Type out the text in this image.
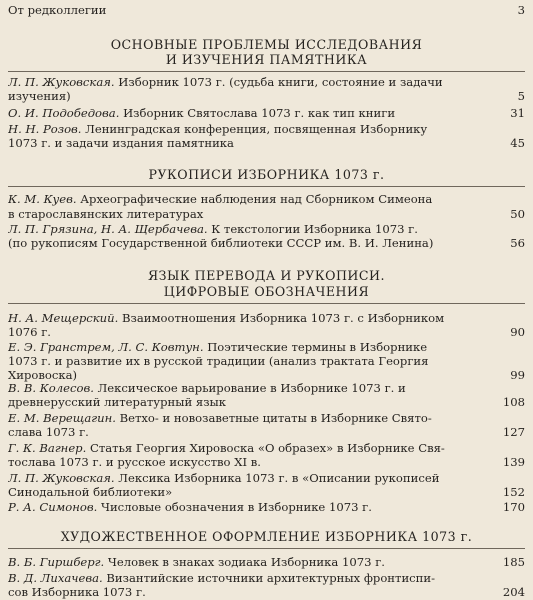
От редколлегии	3
ОСНОВНЫЕ ПРОБЛЕМЫ ИССЛЕДОВАНИЯ
И ИЗУЧЕНИЯ ПАМЯТНИКА
Л. П. Жуковская. Изборник 1073 г. (судьба книги, состояние и задачи
изучения)	5
О. И. Подобедова. Изборник Святослава 1073 г. как тип книги	31
Н. Н. Розов. Ленинградская конференция, посвященная Изборнику
1073 г. и задачи издания памятника	45
РУКОПИСИ ИЗБОРНИКА 1073 г.
К. М. Куев. Археографические наблюдения над Сборником Симеона
в старославянских литературах	50
Л. П. Грязина, Н. А. Щербачева. К текстологии Изборника 1073 г.
(по рукописям Государственной библиотеки СССР им. В. И. Ленина)	56
ЯЗЫК ПЕРЕВОДА И РУКОПИСИ.
ЦИФРОВЫЕ ОБОЗНАЧЕНИЯ
Н. А. Мещерский. Взаимоотношения Изборника 1073 г. с Изборником
1076 г.	90
Е. Э. Гранстрем, Л. С. Ковтун. Поэтические термины в Изборнике
1073 г. и развитие их в русской традиции (анализ трактата Георгия
Хировоска)	99
В. В. Колесов. Лексическое варьирование в Изборнике 1073 г. и
древнерусский литературный язык	108
Е. М. Верещагин. Ветхо- и новозаветные цитаты в Изборнике Свято-
слава 1073 г.	127
Г. К. Вагнер. Статья Георгия Хировоска «О образех» в Изборнике Свя-
тослава 1073 г. и русское искусство XI в.	139
Л. П. Жуковская. Лексика Изборника 1073 г. в «Описании рукописей
Синодальной библиотеки»	152
Р. А. Симонов. Числовые обозначения в Изборнике 1073 г.	170
ХУДОЖЕСТВЕННОЕ ОФОРМЛЕНИЕ ИЗБОРНИКА 1073 г.
В. Б. Гиршберг. Человек в знаках зодиака Изборника 1073 г.	185
В. Д. Лихачева. Византийские источники архитектурных фронтиспи-
сов Изборника 1073 г.	204
